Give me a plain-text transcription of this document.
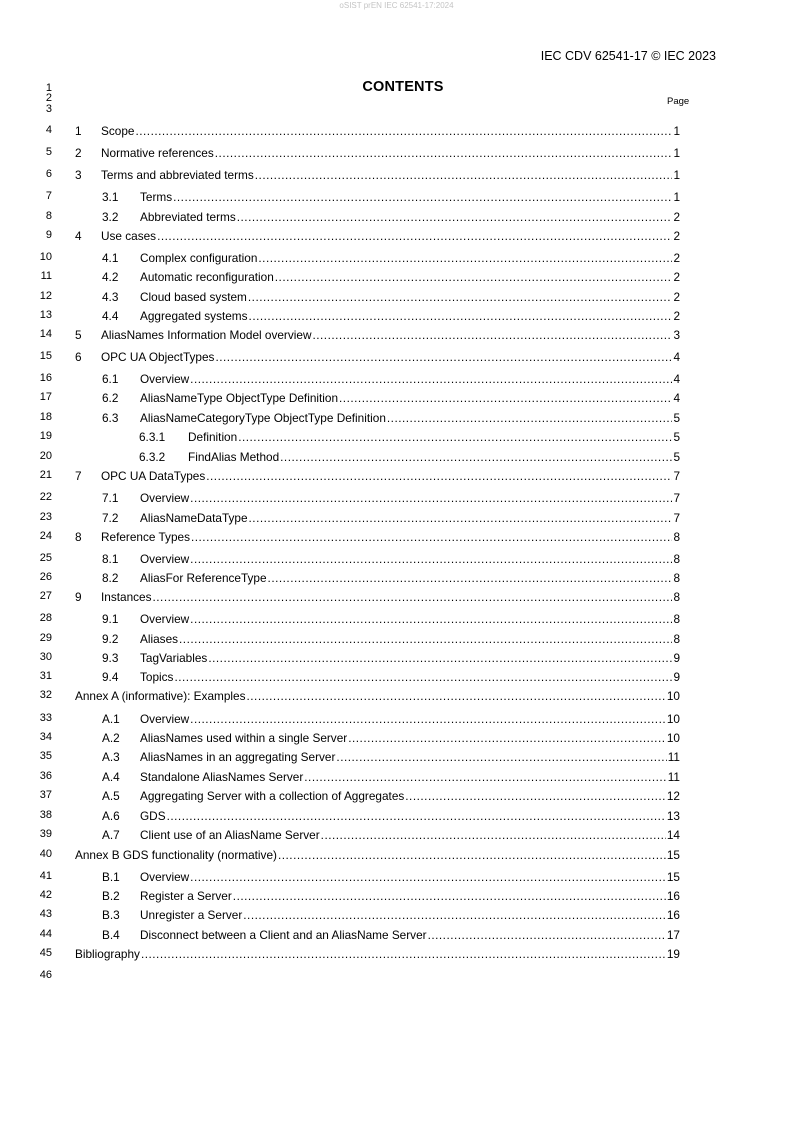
oSIST prEN IEC 62541-17:2024
IEC CDV 62541-17 © IEC 2023
CONTENTS
Page
1
2
3
4
5
6
7
8
9
10
11
12
13
14
15
16
17
18
19
20
21
22
23
24
25
26
27
28
29
30
31
32
33
34
35
36
37
38
39
40
41
42
43
44
45
46
1	Scope .....	1
2	Normative references .....	1
3	Terms and abbreviated terms .....	1
3.1	Terms .....	1
3.2	Abbreviated terms .....	2
4	Use cases .....	2
4.1	Complex configuration .....	2
4.2	Automatic reconfiguration .....	2
4.3	Cloud based system .....	2
4.4	Aggregated systems .....	2
5	AliasNames Information Model overview .....	3
6	OPC UA ObjectTypes .....	4
6.1	Overview .....	4
6.2	AliasNameType ObjectType Definition .....	4
6.3	AliasNameCategoryType ObjectType Definition .....	5
6.3.1	Definition .....	5
6.3.2	FindAlias Method .....	5
7	OPC UA DataTypes .....	7
7.1	Overview .....	7
7.2	AliasNameDataType .....	7
8	Reference Types .....	8
8.1	Overview .....	8
8.2	AliasFor ReferenceType .....	8
9	Instances .....	8
9.1	Overview .....	8
9.2	Aliases .....	8
9.3	TagVariables .....	9
9.4	Topics .....	9
Annex A (informative): Examples .....	10
A.1	Overview .....	10
A.2	AliasNames used within a single Server .....	10
A.3	AliasNames in an aggregating Server .....	11
A.4	Standalone AliasNames Server .....	11
A.5	Aggregating Server with a collection of Aggregates .....	12
A.6	GDS .....	13
A.7	Client use of an AliasName Server .....	14
Annex B GDS functionality (normative) .....	15
B.1	Overview .....	15
B.2	Register a Server .....	16
B.3	Unregister a Server .....	16
B.4	Disconnect between a Client and an AliasName Server .....	17
Bibliography .....	19
